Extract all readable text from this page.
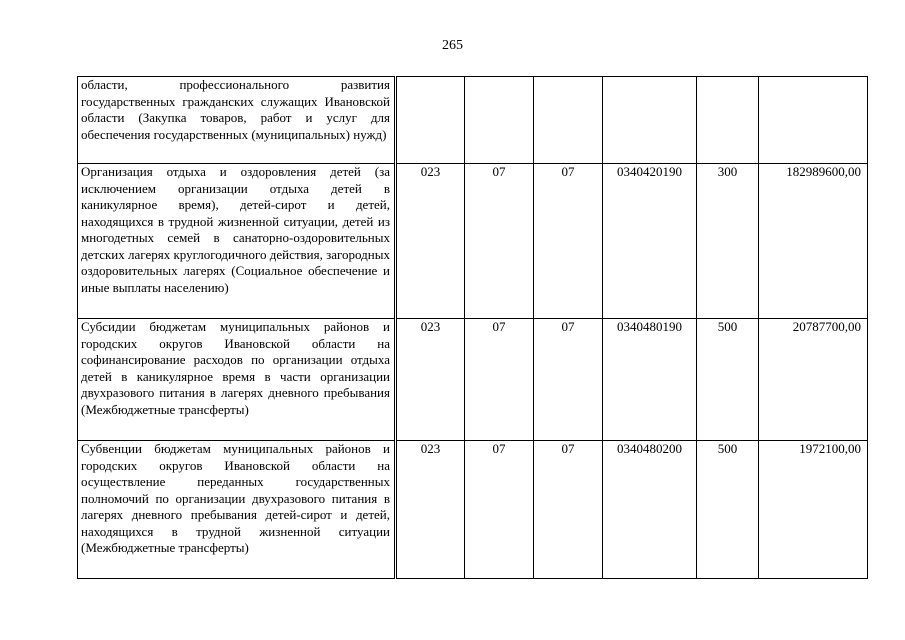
265
области, профессионального развития государственных гражданских служащих Ивановской области (Закупка товаров, работ и услуг для обеспечения государственных (муниципальных) нужд)						
Организация отдыха и оздоровления детей (за исключением организации отдыха детей в каникулярное время), детей-сирот и детей, находящихся в трудной жизненной ситуации, детей из многодетных семей в санаторно-оздоровительных детских лагерях круглогодичного действия, загородных оздоровительных лагерях (Социальное обеспечение и иные выплаты населению)	023	07	07	0340420190	300	182989600,00
Субсидии бюджетам муниципальных районов и городских округов Ивановской области на софинансирование расходов по организации отдыха детей в каникулярное время в части организации двухразового питания в лагерях дневного пребывания (Межбюджетные трансферты)	023	07	07	0340480190	500	20787700,00
Субвенции бюджетам муниципальных районов и городских округов Ивановской области на осуществление переданных государственных полномочий по организации двухразового питания в лагерях дневного пребывания детей-сирот и детей, находящихся в трудной жизненной ситуации (Межбюджетные трансферты)	023	07	07	0340480200	500	1972100,00
